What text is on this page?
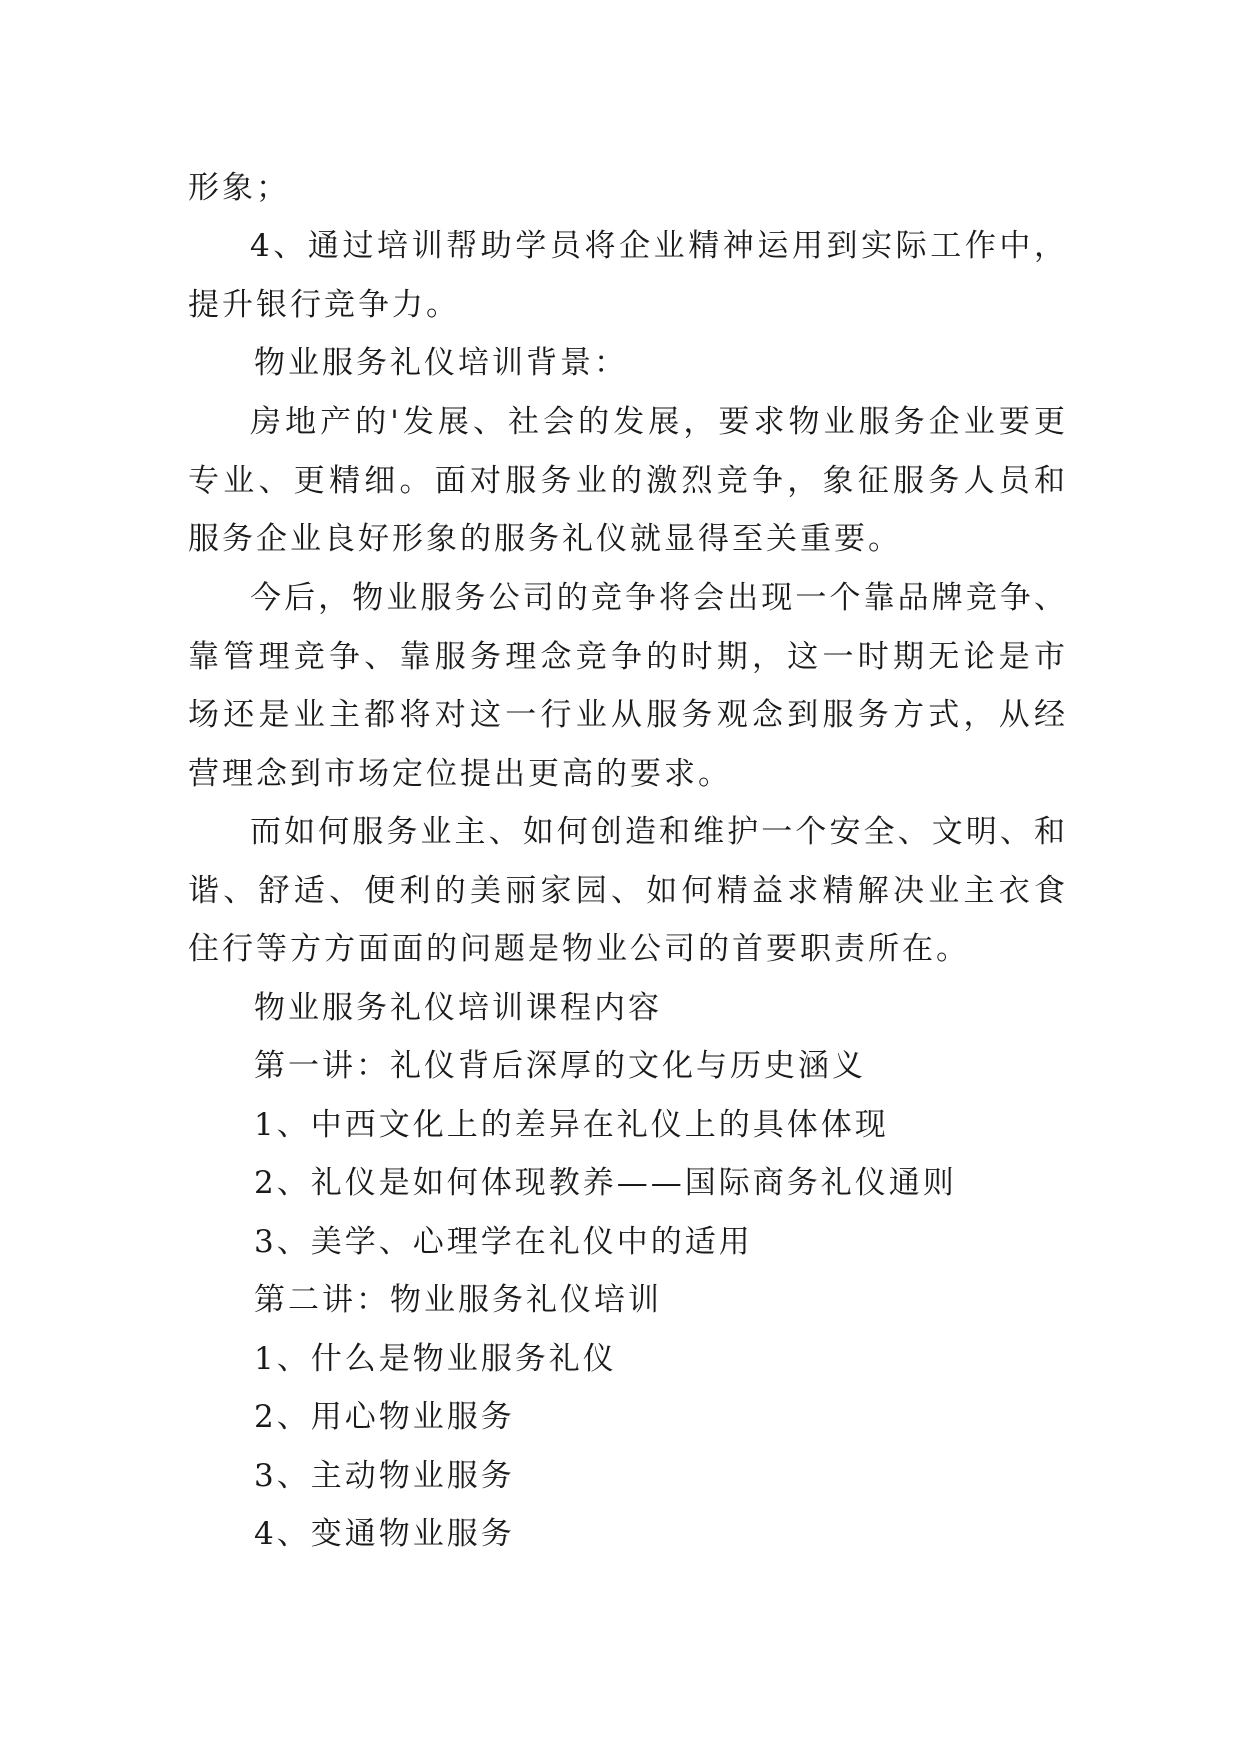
形象；

4、通过培训帮助学员将企业精神运用到实际工作中，提升银行竞争力。

物业服务礼仪培训背景：

房地产的'发展、社会的发展，要求物业服务企业要更专业、更精细。面对服务业的激烈竞争，象征服务人员和服务企业良好形象的服务礼仪就显得至关重要。

今后，物业服务公司的竞争将会出现一个靠品牌竞争、靠管理竞争、靠服务理念竞争的时期，这一时期无论是市场还是业主都将对这一行业从服务观念到服务方式，从经营理念到市场定位提出更高的要求。

而如何服务业主、如何创造和维护一个安全、文明、和谐、舒适、便利的美丽家园、如何精益求精解决业主衣食住行等方方面面的问题是物业公司的首要职责所在。

物业服务礼仪培训课程内容

第一讲：礼仪背后深厚的文化与历史涵义

1、中西文化上的差异在礼仪上的具体体现

2、礼仪是如何体现教养——国际商务礼仪通则

3、美学、心理学在礼仪中的适用

第二讲：物业服务礼仪培训

1、什么是物业服务礼仪

2、用心物业服务

3、主动物业服务

4、变通物业服务
